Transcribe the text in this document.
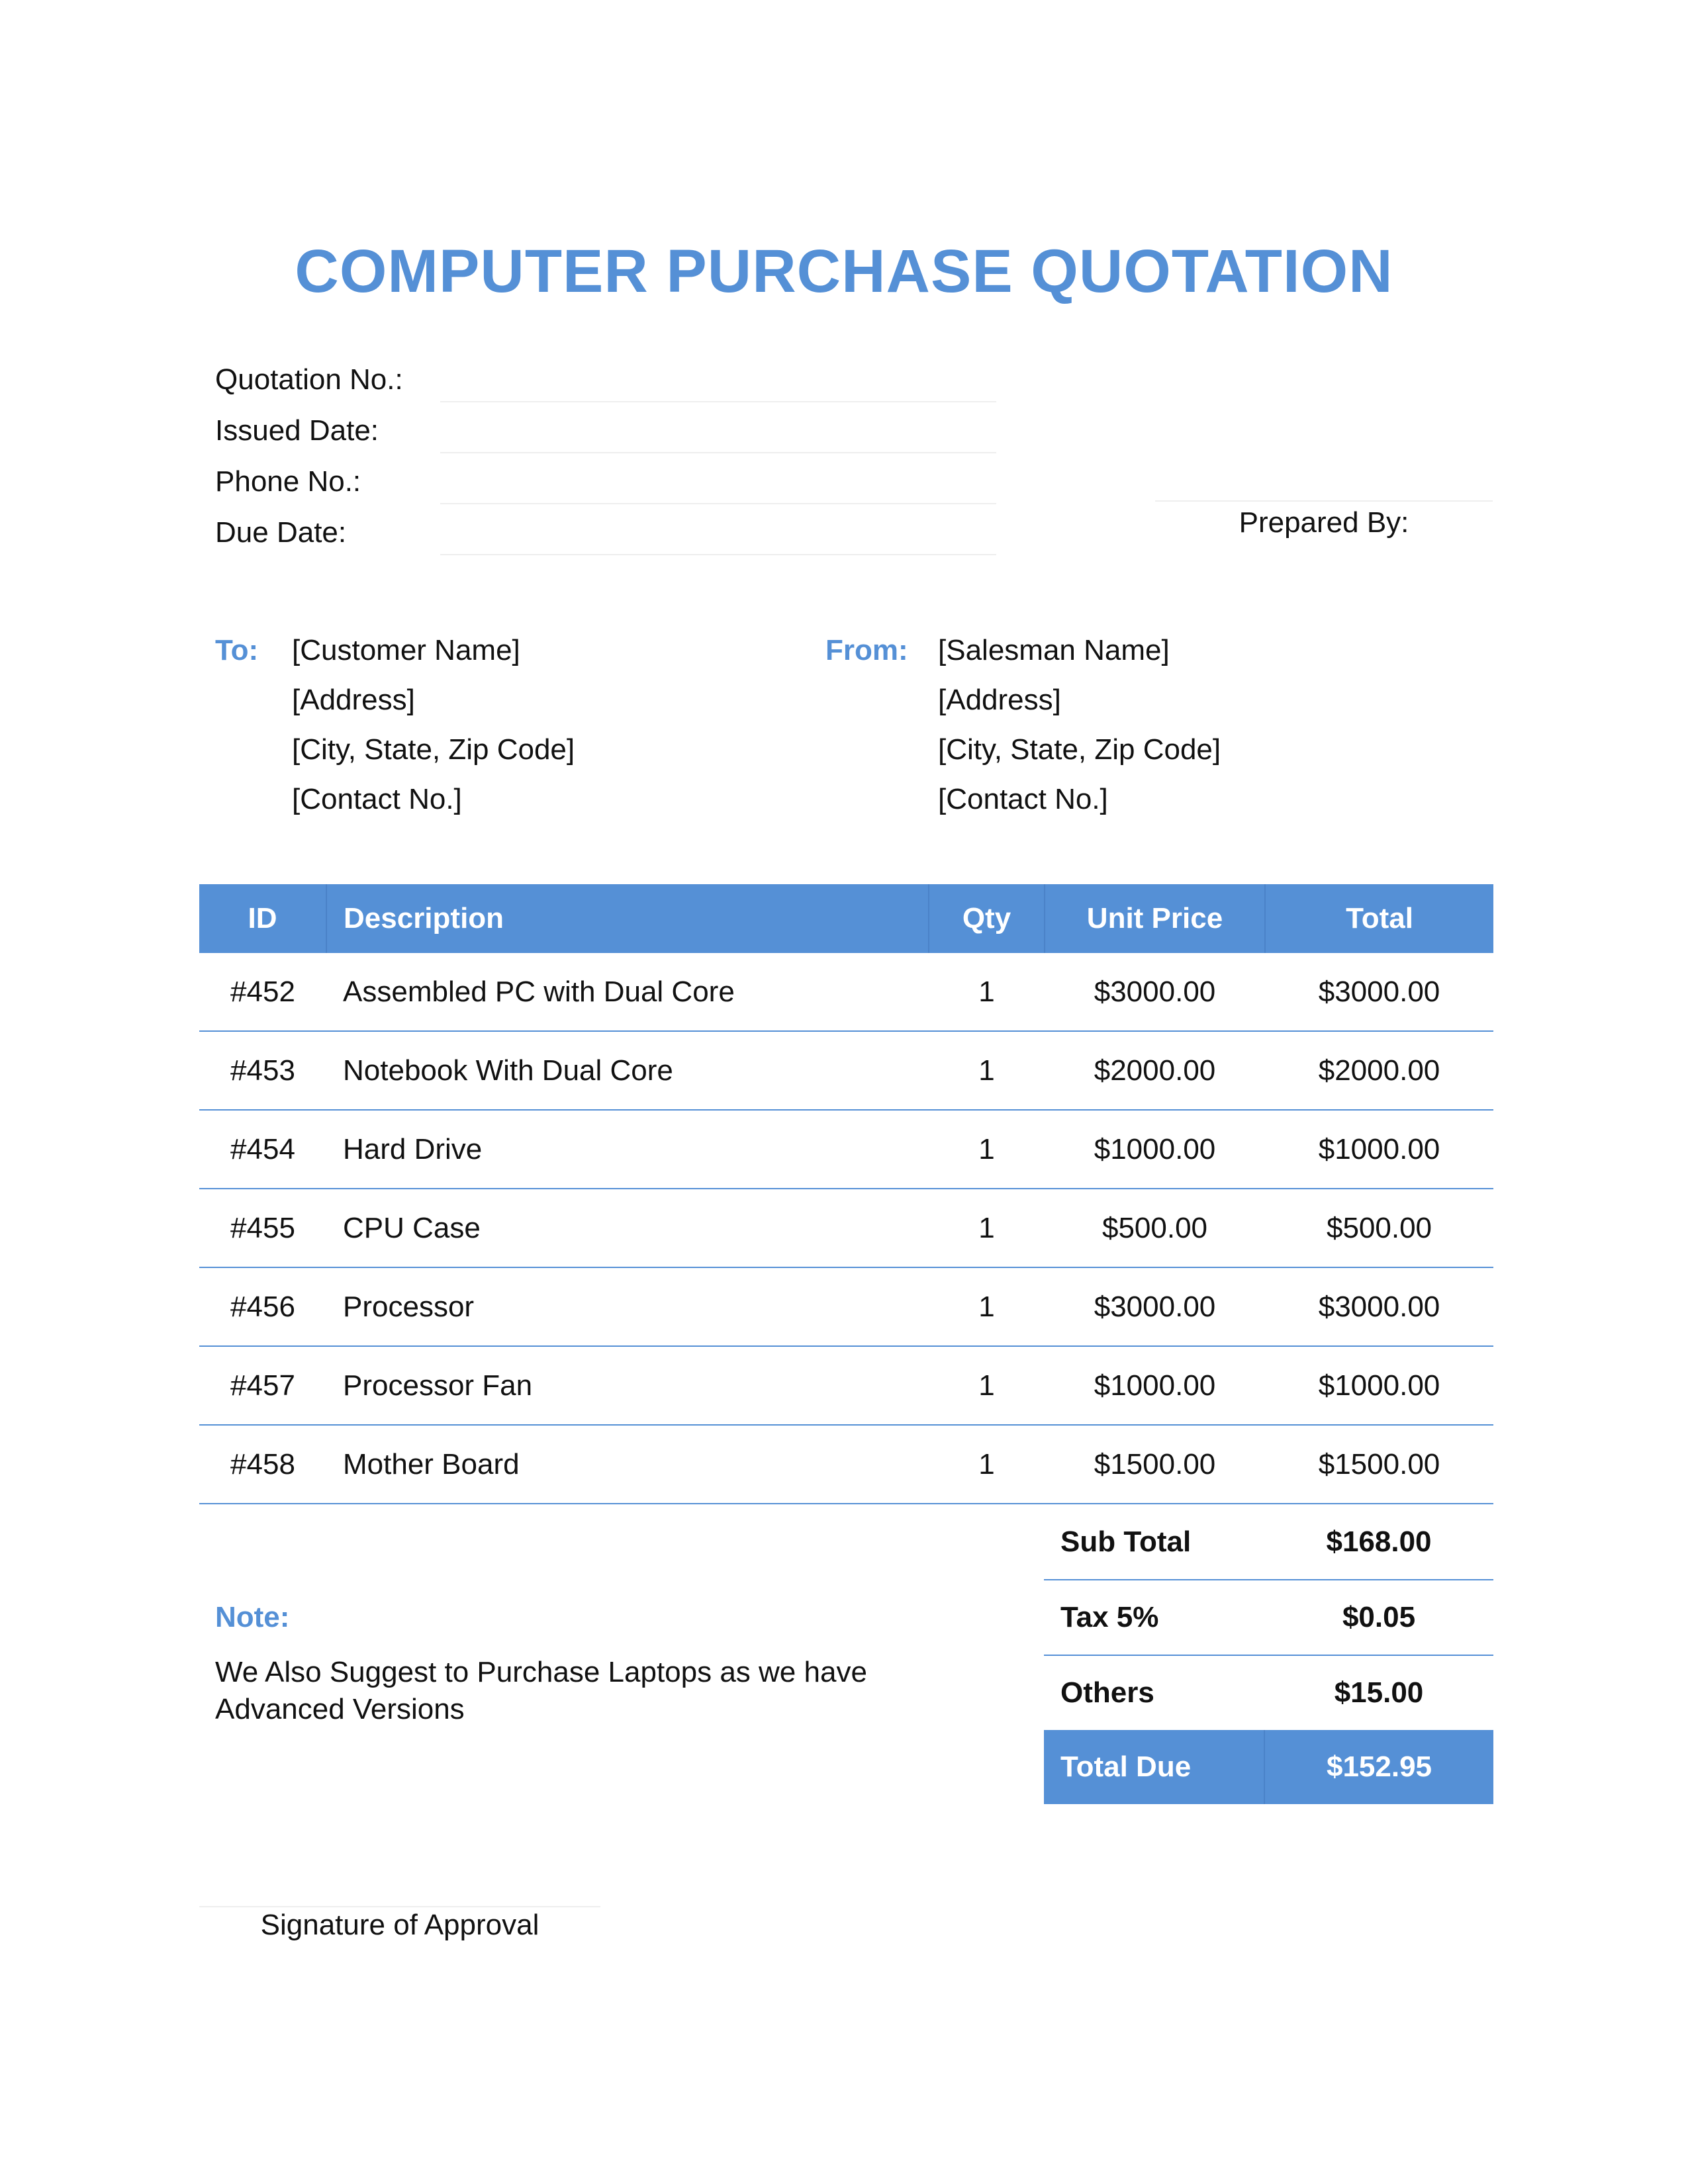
COMPUTER PURCHASE QUOTATION
Quotation No.:
Issued Date:
Phone No.:
Due Date:	Prepared By:
To: [Customer Name]
[Address]
[City, State, Zip Code]
[Contact No.]
From: [Salesman Name]
[Address]
[City, State, Zip Code]
[Contact No.]
ID	Description	Qty	Unit Price	Total
#452	Assembled PC with Dual Core	1	$3000.00	$3000.00
#453	Notebook With Dual Core	1	$2000.00	$2000.00
#454	Hard Drive	1	$1000.00	$1000.00
#455	CPU Case	1	$500.00	$500.00
#456	Processor	1	$3000.00	$3000.00
#457	Processor Fan	1	$1000.00	$1000.00
#458	Mother Board	1	$1500.00	$1500.00
Sub Total	$168.00
Tax 5%	$0.05
Others	$15.00
Total Due	$152.95
Note:
We Also Suggest to Purchase Laptops as we have Advanced Versions
Signature of Approval
